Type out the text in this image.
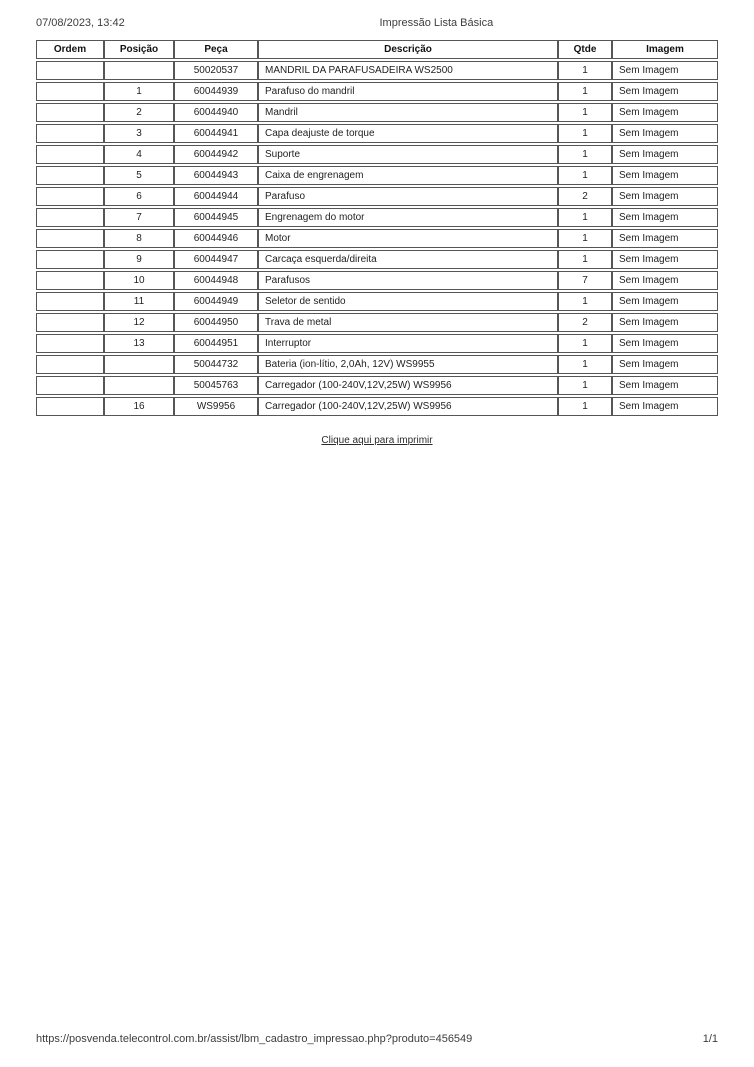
07/08/2023, 13:42	Impressão Lista Básica
Ordem	Posição	Peça	Descrição	Qtde	Imagem
		50020537	MANDRIL DA PARAFUSADEIRA WS2500	1	Sem Imagem
	1	60044939	Parafuso do mandril	1	Sem Imagem
	2	60044940	Mandril	1	Sem Imagem
	3	60044941	Capa deajuste de torque	1	Sem Imagem
	4	60044942	Suporte	1	Sem Imagem
	5	60044943	Caixa de engrenagem	1	Sem Imagem
	6	60044944	Parafuso	2	Sem Imagem
	7	60044945	Engrenagem do motor	1	Sem Imagem
	8	60044946	Motor	1	Sem Imagem
	9	60044947	Carcaça esquerda/direita	1	Sem Imagem
	10	60044948	Parafusos	7	Sem Imagem
	11	60044949	Seletor de sentido	1	Sem Imagem
	12	60044950	Trava de metal	2	Sem Imagem
	13	60044951	Interruptor	1	Sem Imagem
		50044732	Bateria (ion-lítio, 2,0Ah, 12V) WS9955	1	Sem Imagem
		50045763	Carregador (100-240V,12V,25W) WS9956	1	Sem Imagem
	16	WS9956	Carregador (100-240V,12V,25W) WS9956	1	Sem Imagem
Clique aqui para imprimir
https://posvenda.telecontrol.com.br/assist/lbm_cadastro_impressao.php?produto=456549	1/1
